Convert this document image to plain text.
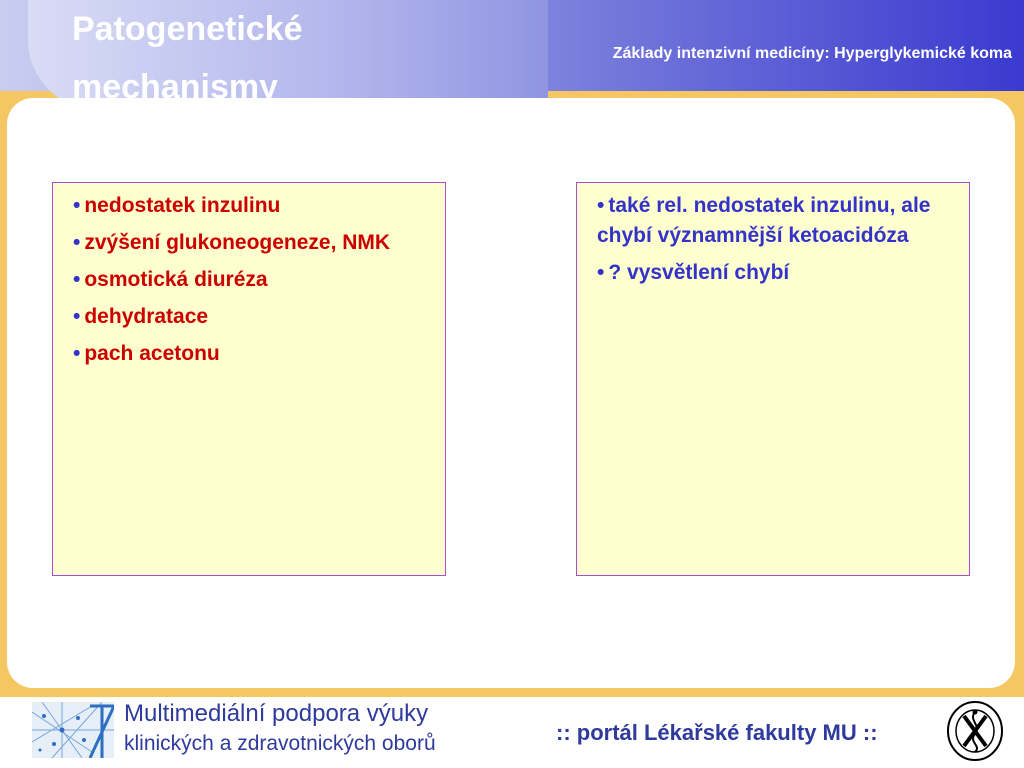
Patogenetické mechanismy
Základy intenzivní medicíny: Hyperglykemické koma
• nedostatek inzulinu
• zvýšení glukoneogeneze, NMK
• osmotická diuréza
• dehydratace
• pach acetonu
• také rel. nedostatek inzulinu, ale chybí významnější ketoacidóza
• ? vysvětlení chybí
Multimediální podpora výuky
klinických a zdravotnických oborů	:: portál Lékařské fakulty MU ::
